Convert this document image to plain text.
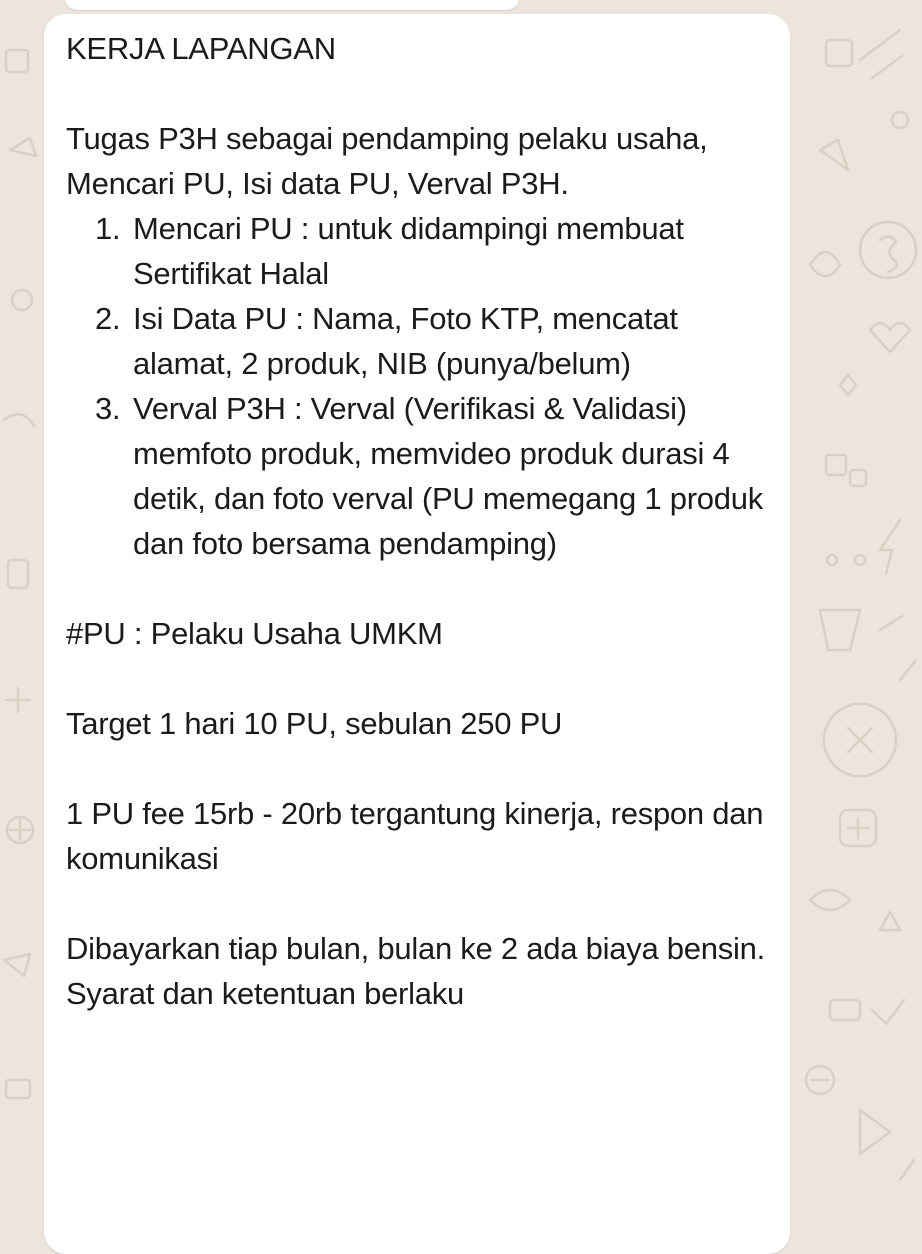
KERJA LAPANGAN

Tugas P3H sebagai pendamping pelaku usaha, Mencari PU, Isi data PU, Verval P3H.

1. Mencari PU : untuk didampingi membuat Sertifikat Halal
2. Isi Data PU : Nama, Foto KTP, mencatat alamat, 2 produk, NIB (punya/belum)
3. Verval P3H : Verval (Verifikasi & Validasi) memfoto produk, memvideo produk durasi 4 detik, dan foto verval (PU memegang 1 produk dan foto bersama pendamping)

#PU : Pelaku Usaha UMKM

Target 1 hari 10 PU, sebulan 250 PU

1 PU fee 15rb - 20rb tergantung kinerja, respon dan komunikasi

Dibayarkan tiap bulan, bulan ke 2 ada biaya bensin. Syarat dan ketentuan berlaku
